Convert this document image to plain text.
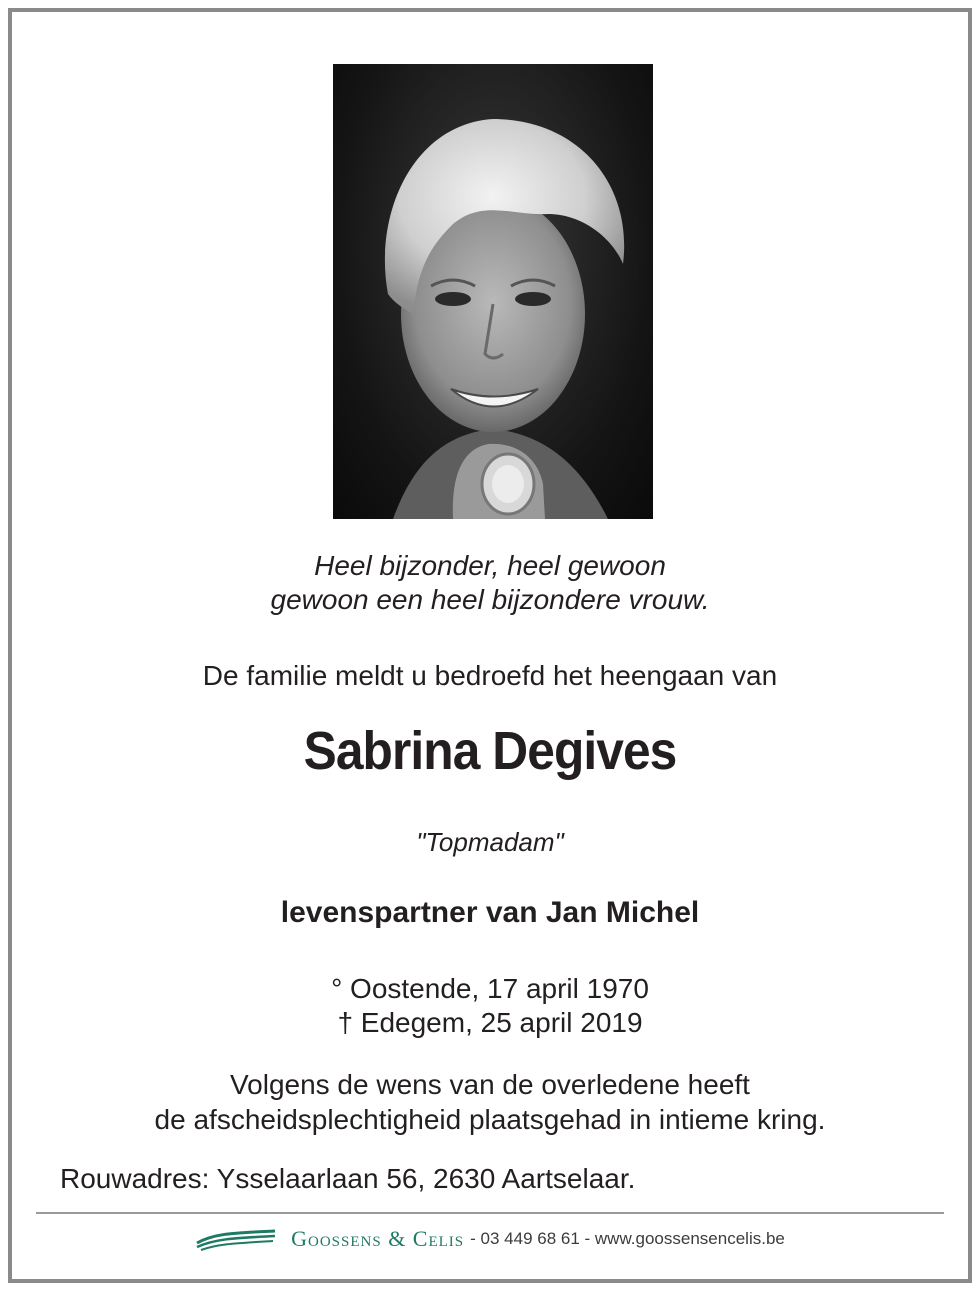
Heel bijzonder, heel gewoon
gewoon een heel bijzondere vrouw.
De familie meldt u bedroefd het heengaan van
Sabrina Degives
"Topmadam"
levenspartner van Jan Michel
° Oostende, 17 april 1970
† Edegem, 25 april 2019
Volgens de wens van de overledene heeft
de afscheidsplechtigheid plaatsgehad in intieme kring.
Rouwadres: Ysselaarlaan 56, 2630 Aartselaar.
Goossens & Celis - 03 449 68 61 - www.goossensencelis.be
